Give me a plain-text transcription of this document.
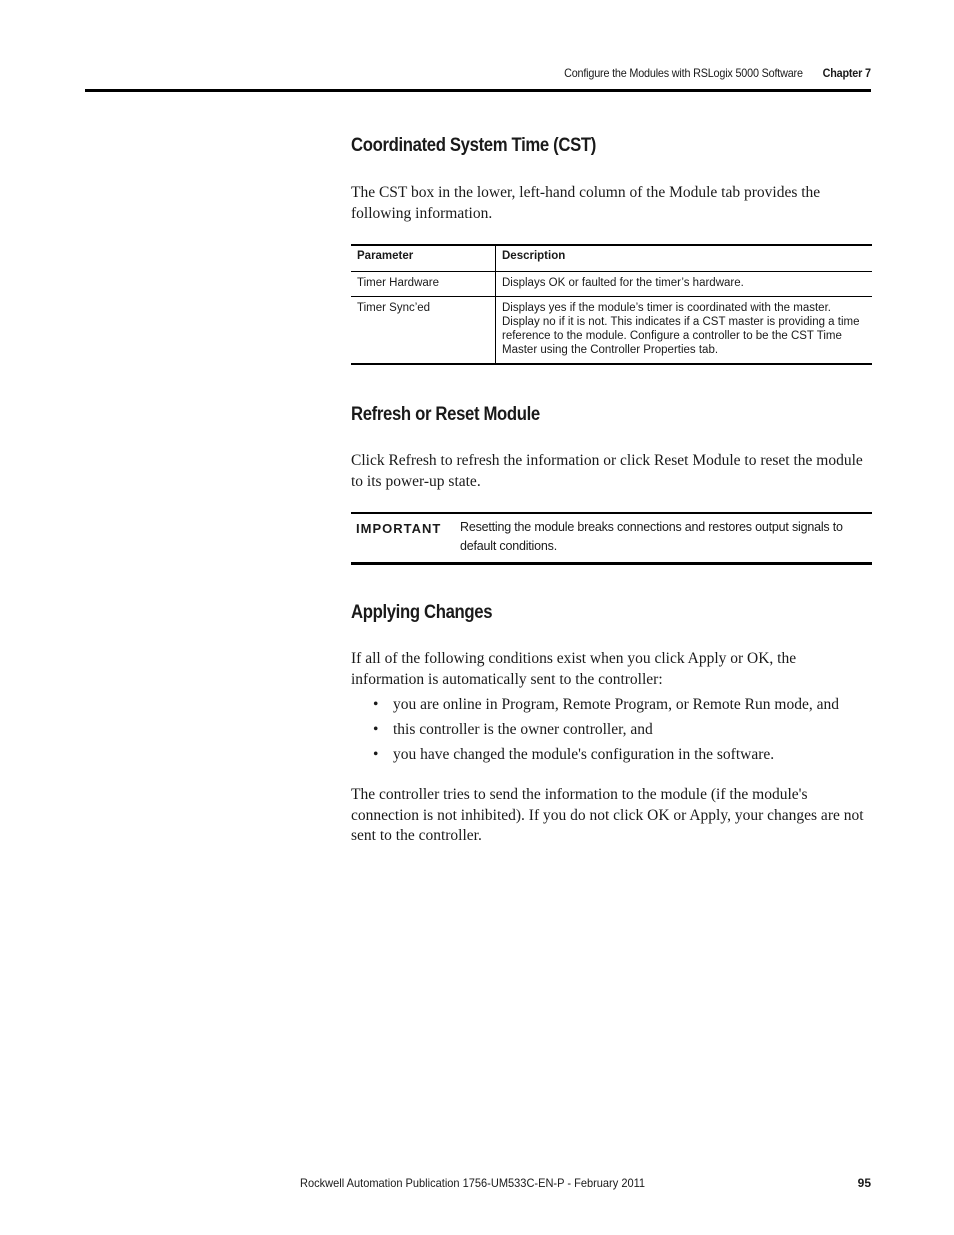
Configure the Modules with RSLogix 5000 Software Chapter 7
Coordinated System Time (CST)

The CST box in the lower, left-hand column of the Module tab provides the following information.

Parameter	Description
Timer Hardware	Displays OK or faulted for the timer’s hardware.
Timer Sync’ed	Displays yes if the module’s timer is coordinated with the master. Display no if it is not. This indicates if a CST master is providing a time reference to the module. Configure a controller to be the CST Time Master using the Controller Properties tab.
Refresh or Reset Module

Click Refresh to refresh the information or click Reset Module to reset the module to its power-up state.

IMPORTANT	Resetting the module breaks connections and restores output signals to default conditions.
Applying Changes

If all of the following conditions exist when you click Apply or OK, the information is automatically sent to the controller:

• you are online in Program, Remote Program, or Remote Run mode, and
• this controller is the owner controller, and
• you have changed the module's configuration in the software.

The controller tries to send the information to the module (if the module's connection is not inhibited). If you do not click OK or Apply, your changes are not sent to the controller.

Rockwell Automation Publication 1756-UM533C-EN-P - February 2011	95
